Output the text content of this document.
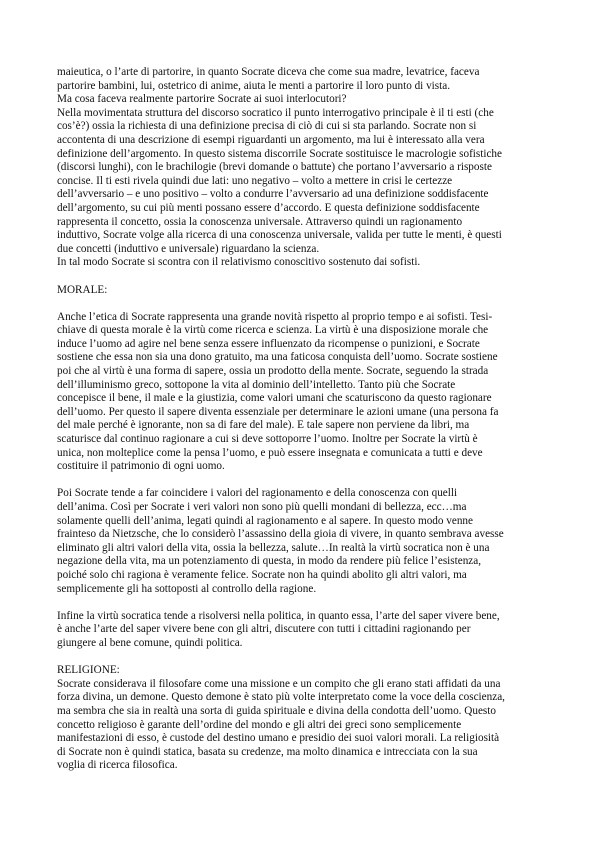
maieutica, o l’arte di partorire, in quanto Socrate diceva che come sua madre, levatrice, faceva
partorire bambini, lui, ostetrico di anime, aiuta le menti a partorire il loro punto di vista.
Ma cosa faceva realmente partorire Socrate ai suoi interlocutori?
Nella movimentata struttura del discorso socratico il punto interrogativo principale è il ti esti (che
cos’è?) ossia la richiesta di una definizione precisa di ciò di cui si sta parlando. Socrate non si
accontenta di una descrizione di esempi riguardanti un argomento, ma lui è interessato alla vera
definizione dell’argomento. In questo sistema discorrile Socrate sostituisce le macrologie sofistiche
(discorsi lunghi), con le brachilogie (brevi domande o battute) che portano l’avversario a risposte
concise. Il ti esti rivela quindi due lati: uno negativo – volto a mettere in crisi le certezze
dell’avversario – e uno positivo – volto a condurre l’avversario ad una definizione soddisfacente
dell’argomento, su cui più menti possano essere d’accordo. E questa definizione soddisfacente
rappresenta il concetto, ossia la conoscenza universale. Attraverso quindi un ragionamento
induttivo, Socrate volge alla ricerca di una conoscenza universale, valida per tutte le menti, è questi
due concetti (induttivo e universale) riguardano la scienza.
In tal modo Socrate si scontra con il relativismo conoscitivo sostenuto dai sofisti.
MORALE:
Anche l’etica di Socrate rappresenta una grande novità rispetto al proprio tempo e ai sofisti. Tesi-
chiave di questa morale è la virtù come ricerca e scienza. La virtù è una disposizione morale che
induce l’uomo ad agire nel bene senza essere influenzato da ricompense o punizioni, e Socrate
sostiene che essa non sia una dono gratuito, ma una faticosa conquista dell’uomo. Socrate sostiene
poi che al virtù è una forma di sapere, ossia un prodotto della mente. Socrate, seguendo la strada
dell’illuminismo greco, sottopone la vita al dominio dell’intelletto. Tanto più che Socrate
concepisce il bene, il male e la giustizia, come valori umani che scaturiscono da questo ragionare
dell’uomo. Per questo il sapere diventa essenziale per determinare le azioni umane (una persona fa
del male perché è ignorante, non sa di fare del male). E tale sapere non perviene da libri, ma
scaturisce dal continuo ragionare a cui si deve sottoporre l’uomo. Inoltre per Socrate la virtù è
unica, non molteplice come la pensa l’uomo, e può essere insegnata e comunicata a tutti e deve
costituire il patrimonio di ogni uomo.
Poi Socrate tende a far coincidere i valori del ragionamento e della conoscenza con quelli
dell’anima. Così per Socrate i veri valori non sono più quelli mondani di bellezza, ecc…ma
solamente quelli dell’anima, legati quindi al ragionamento e al sapere. In questo modo venne
frainteso da Nietzsche, che lo considerò l’assassino della gioia di vivere, in quanto sembrava avesse
eliminato gli altri valori della vita, ossia la bellezza, salute…In realtà la virtù socratica non è una
negazione della vita, ma un potenziamento di questa, in modo da rendere più felice l’esistenza,
poiché solo chi ragiona è veramente felice. Socrate non ha quindi abolito gli altri valori, ma
semplicemente gli ha sottoposti al controllo della ragione.
Infine la virtù socratica tende a risolversi nella politica, in quanto essa, l’arte del saper vivere bene,
è anche l’arte del saper vivere bene con gli altri, discutere con tutti i cittadini ragionando per
giungere al bene comune, quindi politica.
RELIGIONE:
Socrate considerava il filosofare come una missione e un compito che gli erano stati affidati da una
forza divina, un demone. Questo demone è stato più volte interpretato come la voce della coscienza,
ma sembra che sia in realtà una sorta di guida spirituale e divina della condotta dell’uomo. Questo
concetto religioso è garante dell’ordine del mondo e gli altri dei greci sono semplicemente
manifestazioni di esso, è custode del destino umano e presidio dei suoi valori morali. La religiosità
di Socrate non è quindi statica, basata su credenze, ma molto dinamica e intrecciata con la sua
voglia di ricerca filosofica.
